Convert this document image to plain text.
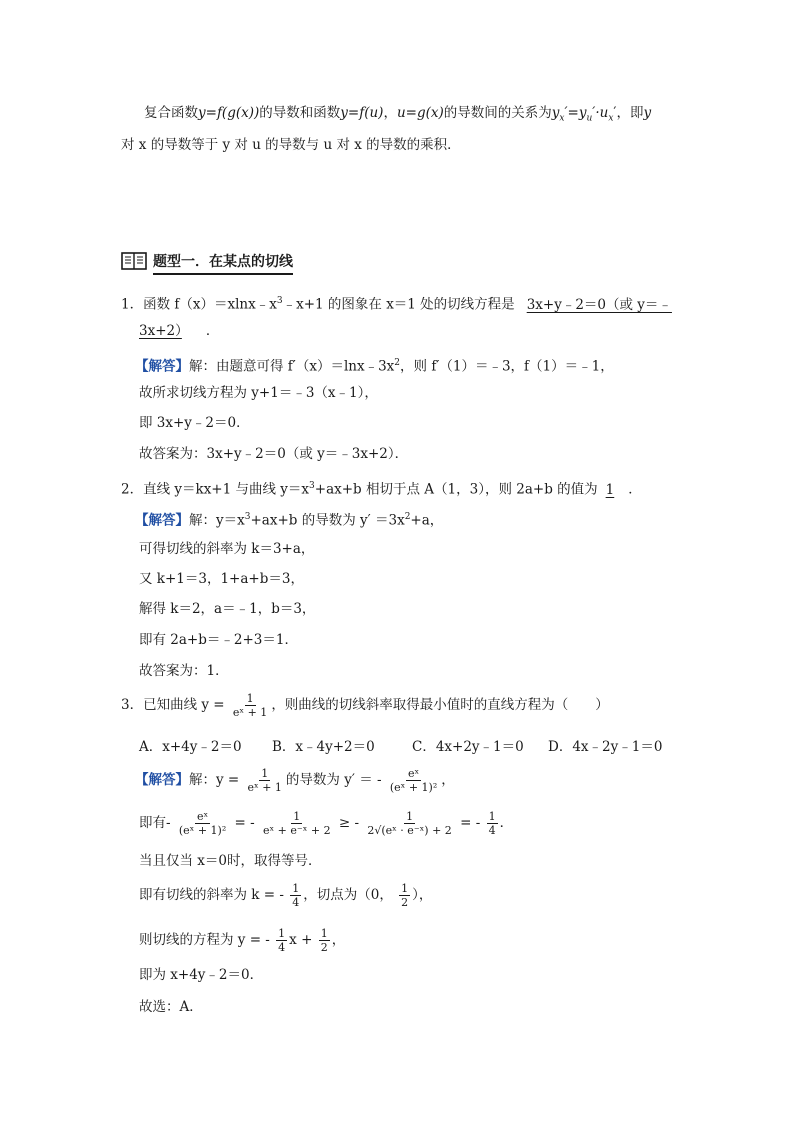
复合函数y=f(g(x))的导数和函数y=f(u)，u=g(x)的导数间的关系为$y_x'=y_u'\cdot u_x'$，即y
对 x 的导数等于 y 对 u 的导数与 u 对 x 的导数的乘积．
题型一．在某点的切线
1．函数 $f(x)=xlnx﹣x^3﹣x+1$ 的图象在 x＝1 处的切线方程是 3x+y﹣2＝0（或 y＝﹣
3x+2） ．
【解答】解：由题意可得 $f'(x)=\ln x﹣3x^2$，则 f′（1）＝﹣3，f（1）＝﹣1，
故所求切线方程为 y+1＝﹣3（x﹣1），
即 3x+y﹣2＝0．
故答案为：3x+y﹣2＝0（或 y＝﹣3x+2）．
2．直线 y＝kx+1 与曲线 $y=x^3+ax+b$ 相切于点 A（1，3），则 2a+b 的值为 1 ．
【解答】解：$y=x^3+ax+b$ 的导数为 $y' =3x^2+a$，
可得切线的斜率为 k＝3+a，
又 k+1＝3，1+a+b＝3，
解得 k＝2，a＝﹣1，b＝3，
即有 2a+b＝﹣2+3＝1．
故答案为：1．
3．已知曲线 $y = \frac{1}{\text{eˣ + 1}}$ ，则曲线的切线斜率取得最小值时的直线方程为（　　）
A．x+4y﹣2＝0 B．x﹣4y+2＝0	C．4x+2y﹣1＝0 D．4x﹣2y﹣1＝0
【解答】解：$y = \frac{1}{\text{eˣ + 1}}$ 的导数为 y′ ＝ - $\frac{\text{eˣ}}{\text{(eˣ + 1)²}}$ ，
即有- $\frac{\text{eˣ}}{\text{(eˣ + 1)²}}$ = - $\frac{1}{\text{eˣ + e⁻ˣ + 2}}$ ≥ - $\frac{1}{\text{2√(eˣ · e⁻ˣ) + 2}}$ = - $\frac{1}{4}$ ．
当且仅当 x＝0时，取得等号．
即有切线的斜率为 k = - $\frac{1}{4}$ ，切点为（0， $\frac{1}{2}$ ），
则切线的方程为 y = - $\frac{1}{4}$ $x + \frac{1}{2}$ ，
即为 x+4y﹣2＝0．
故选：A．
